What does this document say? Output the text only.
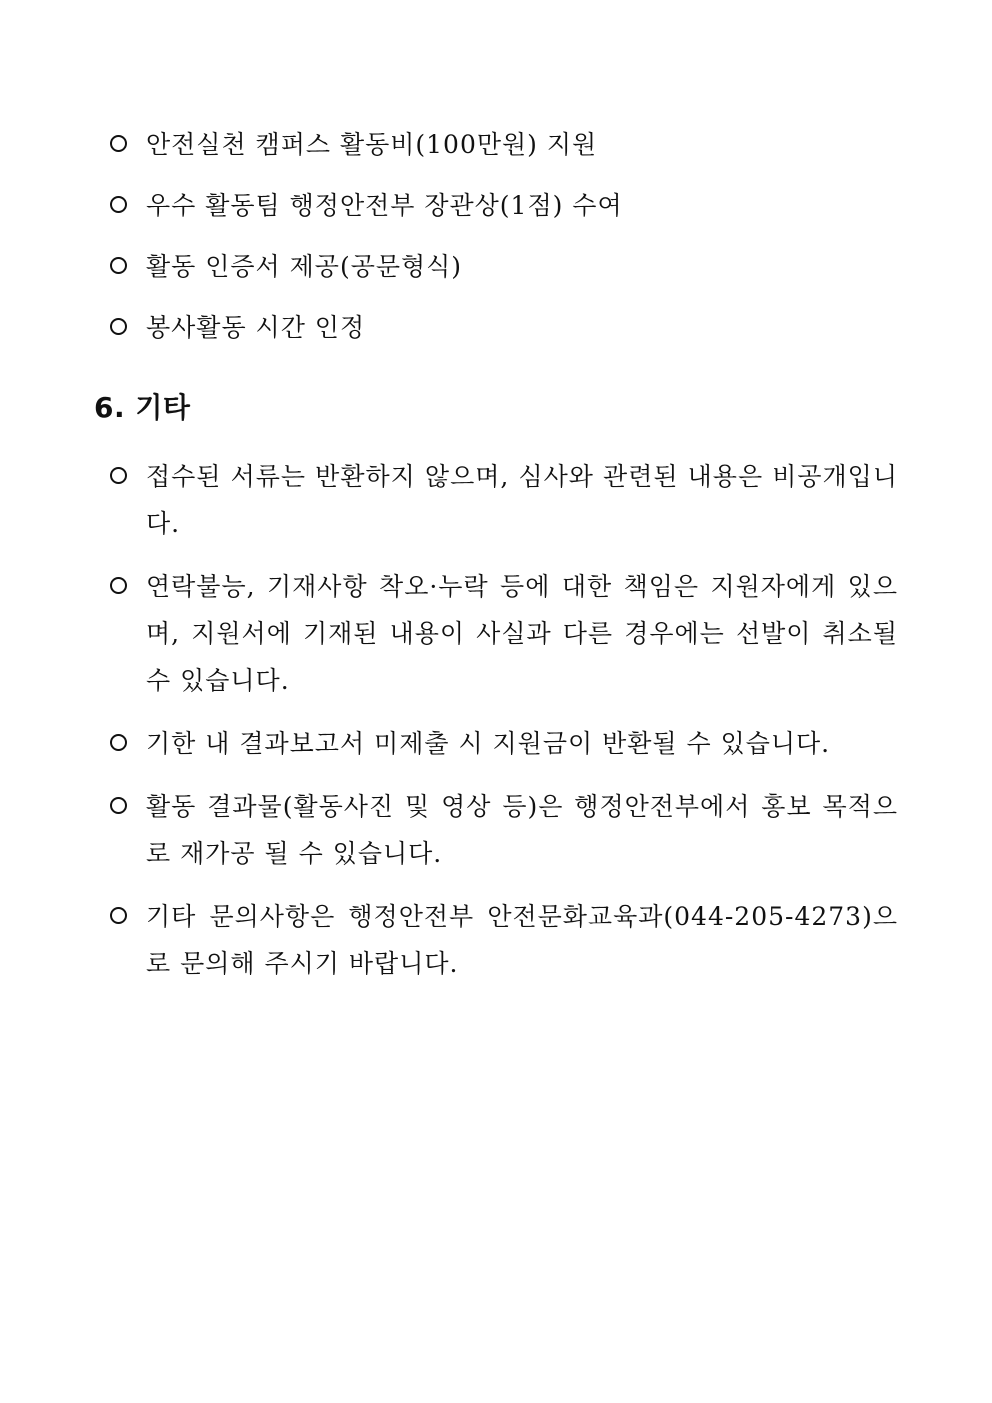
안전실천 캠퍼스 활동비(100만원) 지원
우수 활동팀 행정안전부 장관상(1점) 수여
활동 인증서 제공(공문형식)
봉사활동 시간 인정
6. 기타
접수된 서류는 반환하지 않으며, 심사와 관련된 내용은 비공개입니다.
연락불능, 기재사항 착오·누락 등에 대한 책임은 지원자에게 있으며, 지원서에 기재된 내용이 사실과 다른 경우에는 선발이 취소될 수 있습니다.
기한 내 결과보고서 미제출 시 지원금이 반환될 수 있습니다.
활동 결과물(활동사진 및 영상 등)은 행정안전부에서 홍보 목적으로 재가공 될 수 있습니다.
기타 문의사항은 행정안전부 안전문화교육과(044-205-4273)으로 문의해 주시기 바랍니다.
